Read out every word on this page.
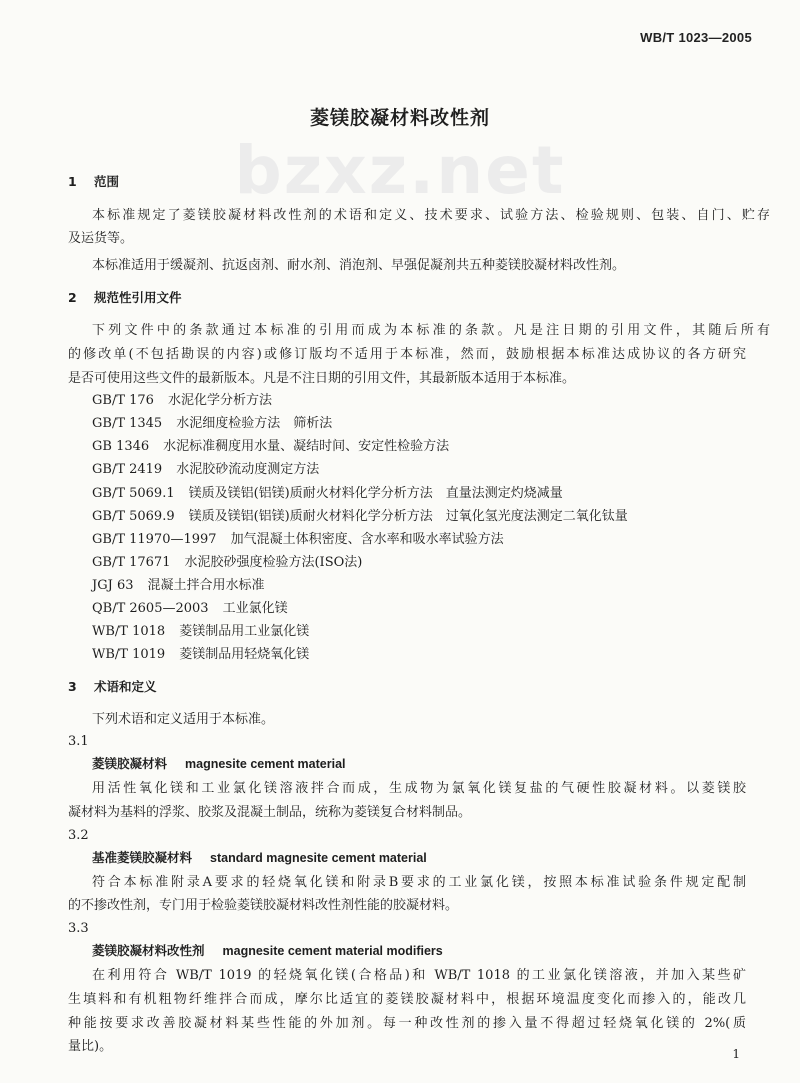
WB/T 1023—2005
bzxz.net
菱镁胶凝材料改性剂
1 范围
本标准规定了菱镁胶凝材料改性剂的术语和定义、技术要求、试验方法、检验规则、包装、自门、贮存
及运货等。
本标准适用于缓凝剂、抗返卤剂、耐水剂、消泡剂、早强促凝剂共五种菱镁胶凝材料改性剂。
2 规范性引用文件
下列文件中的条款通过本标准的引用而成为本标准的条款。凡是注日期的引用文件，其随后所有
的修改单(不包括勘误的内容)或修订版均不适用于本标准，然而，鼓励根据本标准达成协议的各方研究
是否可使用这些文件的最新版本。凡是不注日期的引用文件，其最新版本适用于本标准。
GB/T 176 水泥化学分析方法
GB/T 1345 水泥细度检验方法　筛析法
GB 1346 水泥标准稠度用水量、凝结时间、安定性检验方法
GB/T 2419 水泥胶砂流动度测定方法
GB/T 5069.1 镁质及镁铝(铝镁)质耐火材料化学分析方法　直量法测定灼烧减量
GB/T 5069.9 镁质及镁铝(铝镁)质耐火材料化学分析方法　过氧化氢光度法测定二氧化钛量
GB/T 11970—1997 加气混凝土体积密度、含水率和吸水率试验方法
GB/T 17671 水泥胶砂强度检验方法(ISO法)
JGJ 63 混凝土拌合用水标准
QB/T 2605—2003 工业氯化镁
WB/T 1018 菱镁制品用工业氯化镁
WB/T 1019 菱镁制品用轻烧氧化镁
3 术语和定义
下列术语和定义适用于本标准。
3.1
菱镁胶凝材料 magnesite cement material
用活性氧化镁和工业氯化镁溶液拌合而成，生成物为氯氧化镁复盐的气硬性胶凝材料。以菱镁胶
凝材料为基料的浮浆、胶浆及混凝土制品，统称为菱镁复合材料制品。
3.2
基准菱镁胶凝材料 standard magnesite cement material
符合本标准附录A要求的轻烧氧化镁和附录B要求的工业氯化镁，按照本标准试验条件规定配制
的不掺改性剂，专门用于检验菱镁胶凝材料改性剂性能的胶凝材料。
3.3
菱镁胶凝材料改性剂 magnesite cement material modifiers
在利用符合 WB/T 1019 的轻烧氧化镁(合格品)和 WB/T 1018 的工业氯化镁溶液，并加入某些矿
生填料和有机粗物纤维拌合而成，摩尔比适宜的菱镁胶凝材料中，根据环境温度变化而掺入的，能改几
种能按要求改善胶凝材料某些性能的外加剂。每一种改性剂的掺入量不得超过轻烧氧化镁的 2%(质
量比)。	1
